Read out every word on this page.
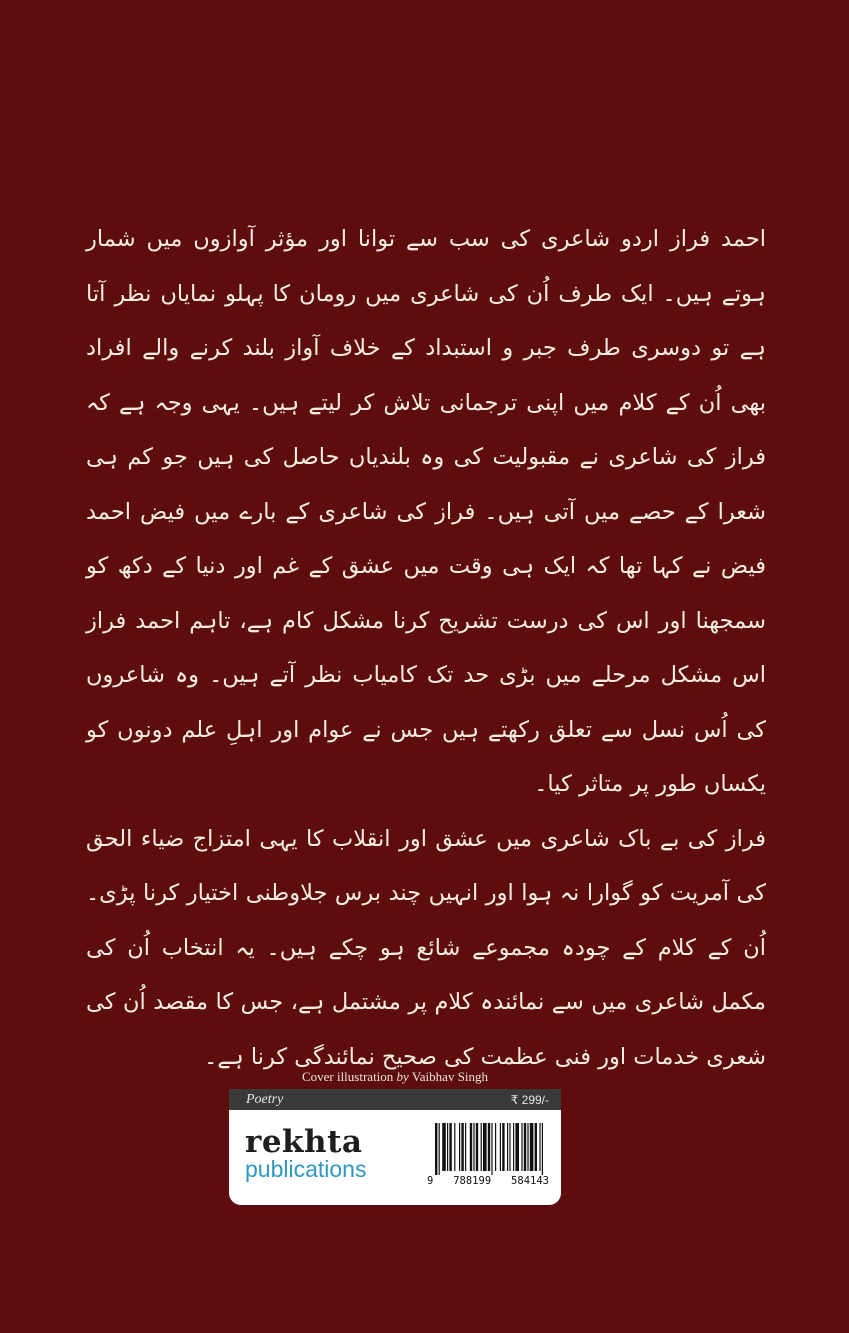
احمد فراز اردو شاعری کی سب سے توانا اور مؤثر آوازوں میں شمار ہوتے ہیں۔ ایک طرف اُن کی شاعری میں رومان کا پہلو نمایاں نظر آتا ہے تو دوسری طرف جبر و استبداد کے خلاف آواز بلند کرنے والے افراد بھی اُن کے کلام میں اپنی ترجمانی تلاش کر لیتے ہیں۔ یہی وجہ ہے کہ فراز کی شاعری نے مقبولیت کی وہ بلندیاں حاصل کی ہیں جو کم ہی شعرا کے حصے میں آتی ہیں۔ فراز کی شاعری کے بارے میں فیض احمد فیض نے کہا تھا کہ ایک ہی وقت میں عشق کے غم اور دنیا کے دکھ کو سمجھنا اور اس کی درست تشریح کرنا مشکل کام ہے، تاہم احمد فراز اس مشکل مرحلے میں بڑی حد تک کامیاب نظر آتے ہیں۔ وہ شاعروں کی اُس نسل سے تعلق رکھتے ہیں جس نے عوام اور اہلِ علم دونوں کو یکساں طور پر متاثر کیا۔

فراز کی بے باک شاعری میں عشق اور انقلاب کا یہی امتزاج ضیاء الحق کی آمریت کو گوارا نہ ہوا اور انہیں چند برس جلاوطنی اختیار کرنا پڑی۔ اُن کے کلام کے چودہ مجموعے شائع ہو چکے ہیں۔ یہ انتخاب اُن کی مکمل شاعری میں سے نمائندہ کلام پر مشتمل ہے، جس کا مقصد اُن کی شعری خدمات اور فنی عظمت کی صحیح نمائندگی کرنا ہے۔

Cover illustration by Vaibhav Singh
Poetry	₹ 299/-
rekhta
publications	9 788199 584143
